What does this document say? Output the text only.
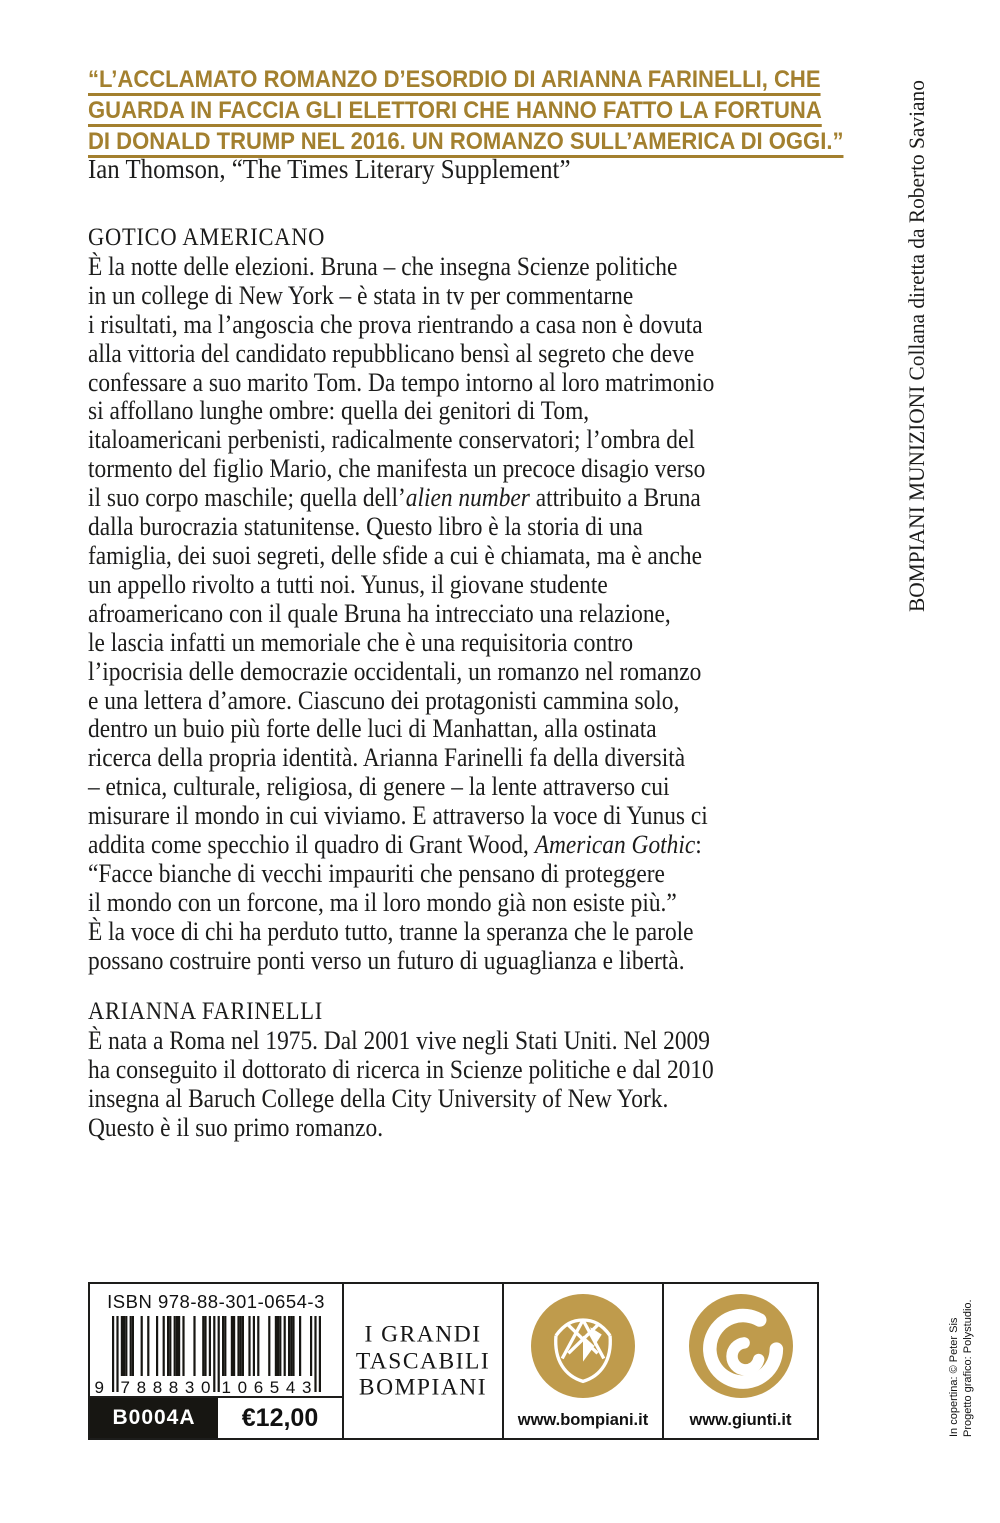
“L’ACCLAMATO ROMANZO D’ESORDIO DI ARIANNA FARINELLI, CHE
GUARDA IN FACCIA GLI ELETTORI CHE HANNO FATTO LA FORTUNA
DI DONALD TRUMP NEL 2016. UN ROMANZO SULL’AMERICA DI OGGI.”
Ian Thomson, “The Times Literary Supplement”
GOTICO AMERICANO
È la notte delle elezioni. Bruna – che insegna Scienze politiche
in un college di New York – è stata in tv per commentarne
i risultati, ma l’angoscia che prova rientrando a casa non è dovuta
alla vittoria del candidato repubblicano bensì al segreto che deve
confessare a suo marito Tom. Da tempo intorno al loro matrimonio
si affollano lunghe ombre: quella dei genitori di Tom,
italoamericani perbenisti, radicalmente conservatori; l’ombra del
tormento del figlio Mario, che manifesta un precoce disagio verso
il suo corpo maschile; quella dell’alien number attribuito a Bruna
dalla burocrazia statunitense. Questo libro è la storia di una
famiglia, dei suoi segreti, delle sfide a cui è chiamata, ma è anche
un appello rivolto a tutti noi. Yunus, il giovane studente
afroamericano con il quale Bruna ha intrecciato una relazione,
le lascia infatti un memoriale che è una requisitoria contro
l’ipocrisia delle democrazie occidentali, un romanzo nel romanzo
e una lettera d’amore. Ciascuno dei protagonisti cammina solo,
dentro un buio più forte delle luci di Manhattan, alla ostinata
ricerca della propria identità. Arianna Farinelli fa della diversità
– etnica, culturale, religiosa, di genere – la lente attraverso cui
misurare il mondo in cui viviamo. E attraverso la voce di Yunus ci
addita come specchio il quadro di Grant Wood, American Gothic:
“Facce bianche di vecchi impauriti che pensano di proteggere
il mondo con un forcone, ma il loro mondo già non esiste più.”
È la voce di chi ha perduto tutto, tranne la speranza che le parole
possano costruire ponti verso un futuro di uguaglianza e libertà.
ARIANNA FARINELLI
È nata a Roma nel 1975. Dal 2001 vive negli Stati Uniti. Nel 2009
ha conseguito il dottorato di ricerca in Scienze politiche e dal 2010
insegna al Baruch College della City University of New York.
Questo è il suo primo romanzo.
BOMPIANI MUNIZIONI Collana diretta da Roberto Saviano
In copertina: © Peter Sis Progetto grafico: Polystudio.
ISBN 978-88-301-0654-3
9 7 8 8 8 3 0 1 0 6 5 4 3
B0004A	€12,00
I GRANDI
TASCABILI
BOMPIANI
www.bompiani.it	www.giunti.it
